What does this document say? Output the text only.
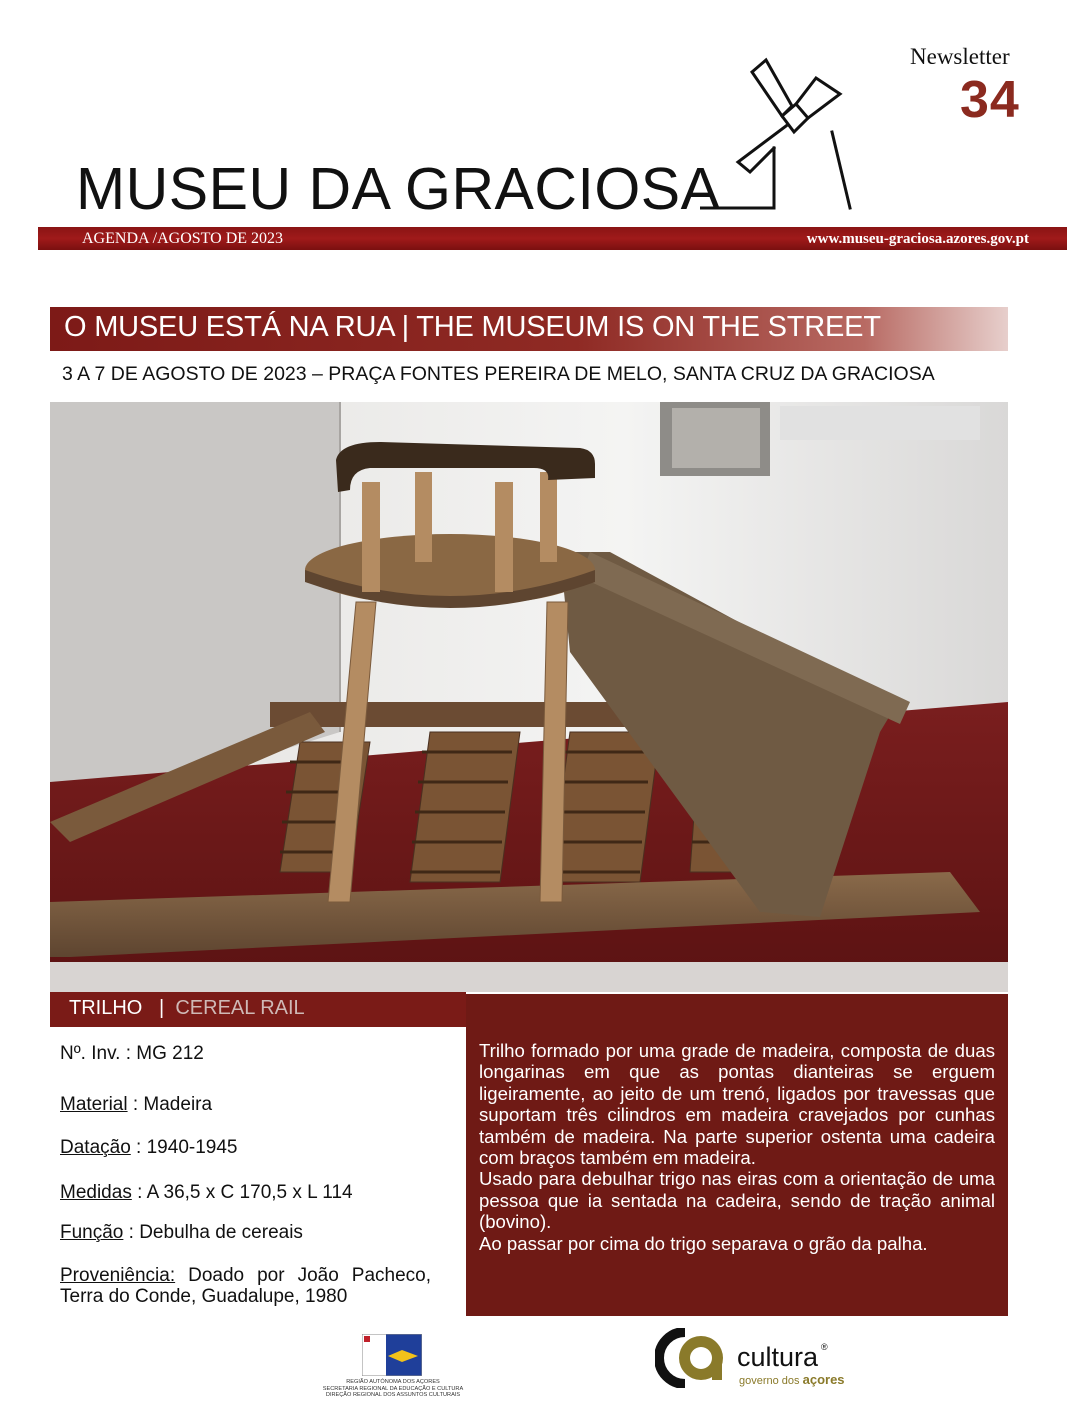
Newsletter
34
MUSEU DA GRACIOSA
AGENDA /AGOSTO DE 2023	www.museu-graciosa.azores.gov.pt
O MUSEU ESTÁ NA RUA | THE MUSEUM IS ON THE STREET
3 A 7 DE AGOSTO DE 2023 – PRAÇA FONTES PEREIRA DE MELO, SANTA CRUZ DA GRACIOSA
TRILHO | CEREAL RAIL
Nº. Inv. : MG 212
Material : Madeira
Datação : 1940-1945
Medidas : A 36,5 x C 170,5 x L 114
Função : Debulha de cereais
Proveniência: Doado por João Pacheco, Terra do Conde, Guadalupe, 1980

Trilho formado por uma grade de madeira, composta de duas longarinas em que as pontas dianteiras se erguem ligeiramente, ao jeito de um trenó, ligados por travessas que suportam três cilindros em madeira cravejados por cunhas também de madeira. Na parte superior ostenta uma cadeira com braços também em madeira.

Usado para debulhar trigo nas eiras com a orientação de uma pessoa que ia sentada na cadeira, sendo de tração animal (bovino).

Ao passar por cima do trigo separava o grão da palha.

REGIÃO AUTÓNOMA DOS AÇORES
SECRETARIA REGIONAL DA EDUCAÇÃO E CULTURA
DIREÇÃO REGIONAL DOS ASSUNTOS CULTURAIS
cultura ®
governo dos açores
